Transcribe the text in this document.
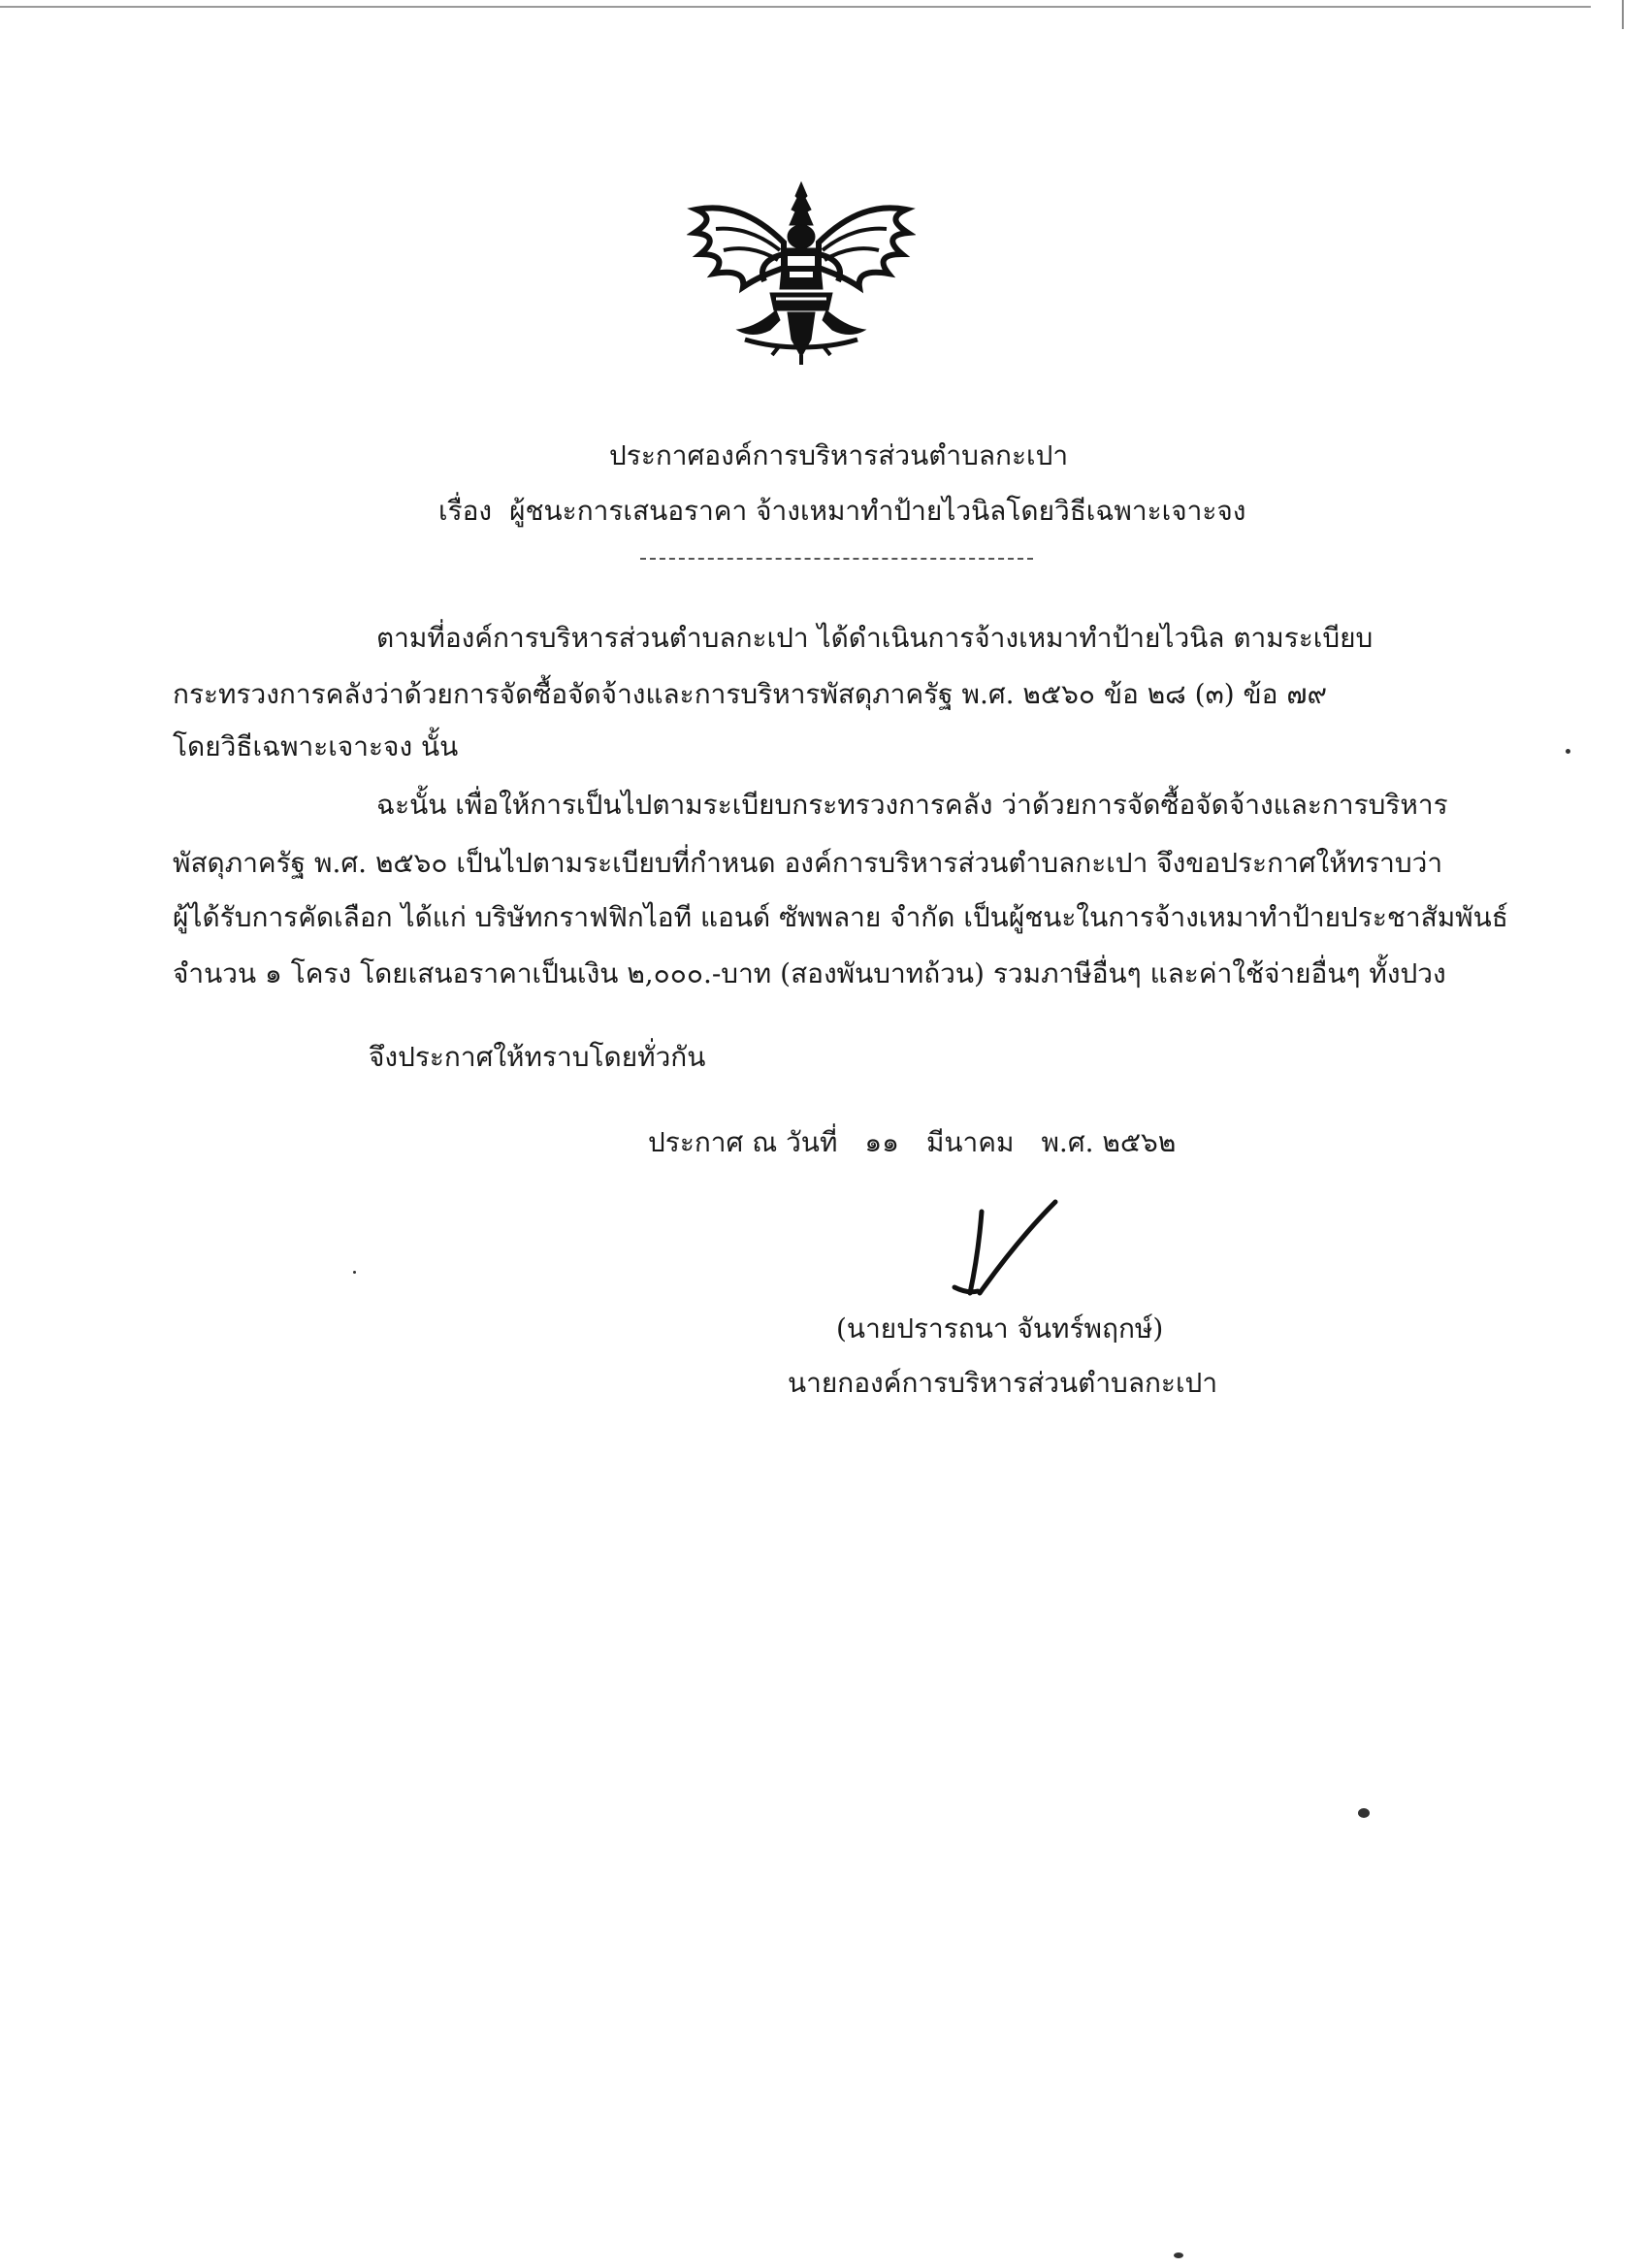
ประกาศองค์การบริหารส่วนตำบลกะเปา
เรื่อง ผู้ชนะการเสนอราคา จ้างเหมาทำป้ายไวนิลโดยวิธีเฉพาะเจาะจง
ตามที่องค์การบริหารส่วนตำบลกะเปา ได้ดำเนินการจ้างเหมาทำป้ายไวนิล ตามระเบียบ
กระทรวงการคลังว่าด้วยการจัดซื้อจัดจ้างและการบริหารพัสดุภาครัฐ พ.ศ. ๒๕๖๐ ข้อ ๒๘ (๓) ข้อ ๗๙
โดยวิธีเฉพาะเจาะจง นั้น
ฉะนั้น เพื่อให้การเป็นไปตามระเบียบกระทรวงการคลัง ว่าด้วยการจัดซื้อจัดจ้างและการบริหาร
พัสดุภาครัฐ พ.ศ. ๒๕๖๐ เป็นไปตามระเบียบที่กำหนด องค์การบริหารส่วนตำบลกะเปา จึงขอประกาศให้ทราบว่า
ผู้ได้รับการคัดเลือก ได้แก่ บริษัทกราฟฟิกไอที แอนด์ ซัพพลาย จำกัด เป็นผู้ชนะในการจ้างเหมาทำป้ายประชาสัมพันธ์
จำนวน ๑ โครง โดยเสนอราคาเป็นเงิน ๒,๐๐๐.-บาท (สองพันบาทถ้วน) รวมภาษีอื่นๆ และค่าใช้จ่ายอื่นๆ ทั้งปวง
จึงประกาศให้ทราบโดยทั่วกัน
ประกาศ ณ วันที่ ๑๑ มีนาคม พ.ศ. ๒๕๖๒
(นายปรารถนา จันทร์พฤกษ์)
นายกองค์การบริหารส่วนตำบลกะเปา
